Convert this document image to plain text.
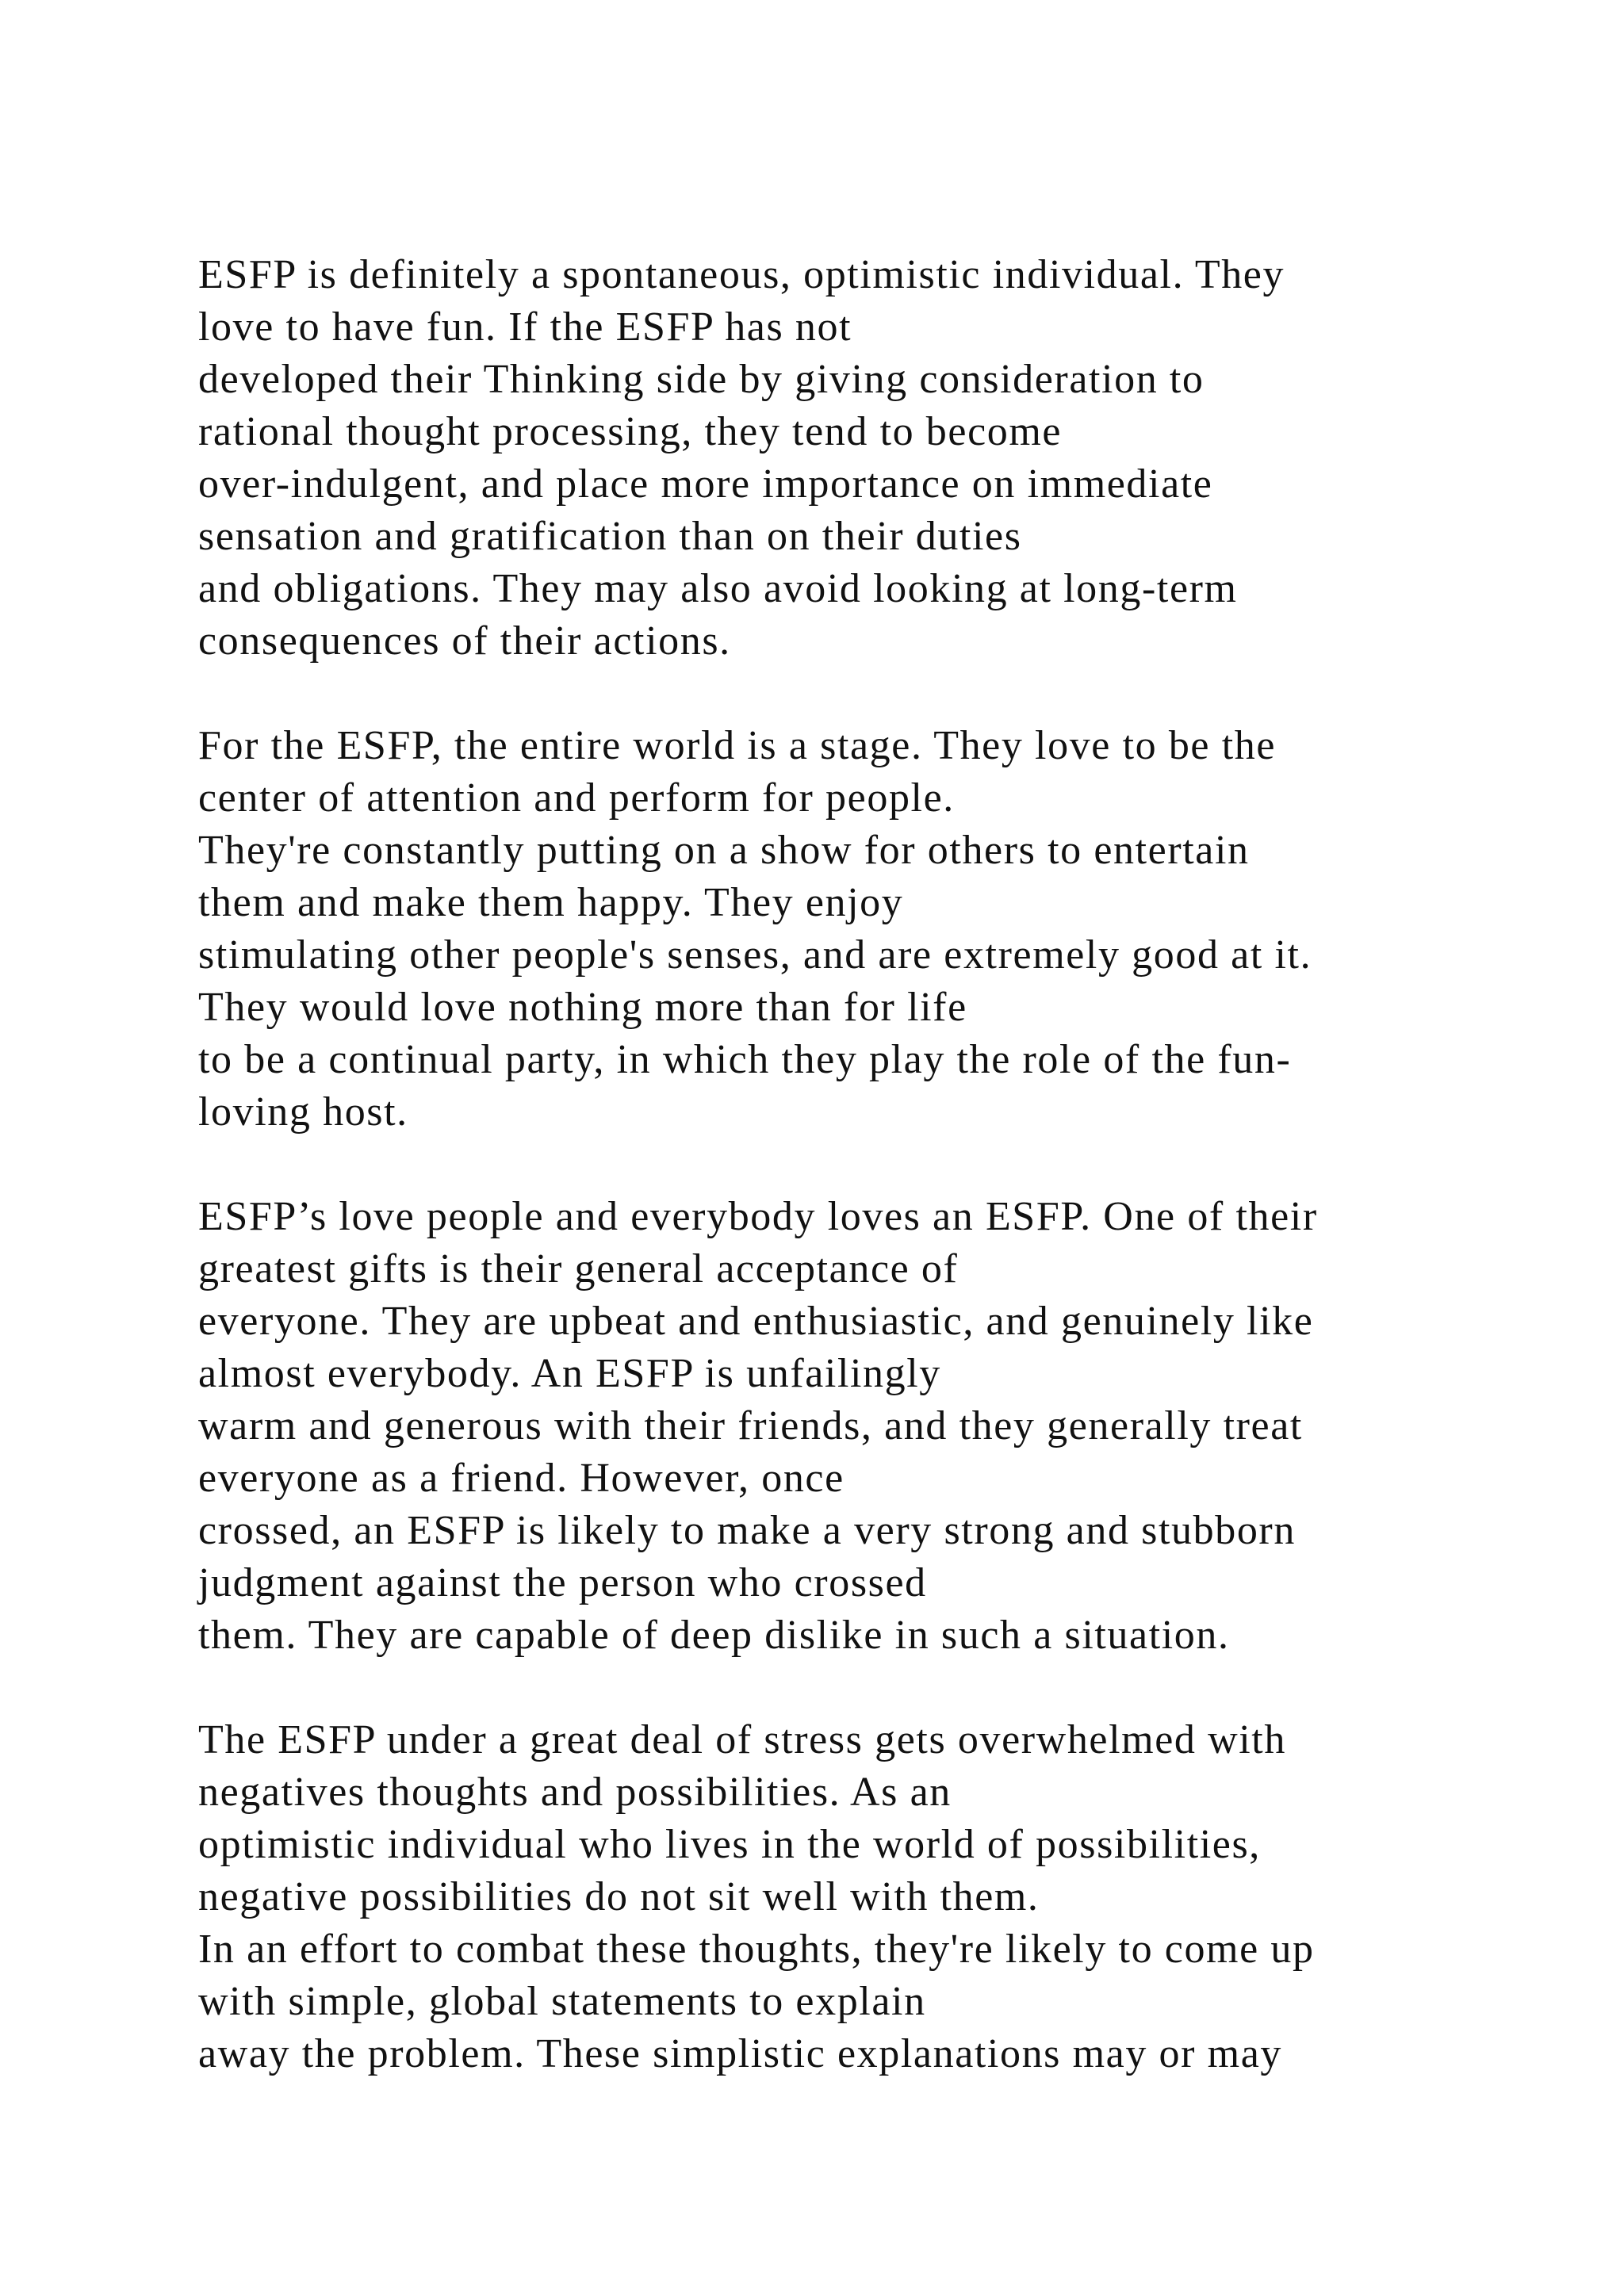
ESFP is definitely a spontaneous, optimistic individual. They
love to have fun. If the ESFP has not
developed their Thinking side by giving consideration to
rational thought processing, they tend to become
over-indulgent, and place more importance on immediate
sensation and gratification than on their duties
and obligations. They may also avoid looking at long-term
consequences of their actions.

For the ESFP, the entire world is a stage. They love to be the
center of attention and perform for people.
They're constantly putting on a show for others to entertain
them and make them happy. They enjoy
stimulating other people's senses, and are extremely good at it.
They would love nothing more than for life
to be a continual party, in which they play the role of the fun-
loving host.

ESFP’s love people and everybody loves an ESFP. One of their
greatest gifts is their general acceptance of
everyone. They are upbeat and enthusiastic, and genuinely like
almost everybody. An ESFP is unfailingly
warm and generous with their friends, and they generally treat
everyone as a friend. However, once
crossed, an ESFP is likely to make a very strong and stubborn
judgment against the person who crossed
them. They are capable of deep dislike in such a situation.

The ESFP under a great deal of stress gets overwhelmed with
negatives thoughts and possibilities. As an
optimistic individual who lives in the world of possibilities,
negative possibilities do not sit well with them.
In an effort to combat these thoughts, they're likely to come up
with simple, global statements to explain
away the problem. These simplistic explanations may or may
